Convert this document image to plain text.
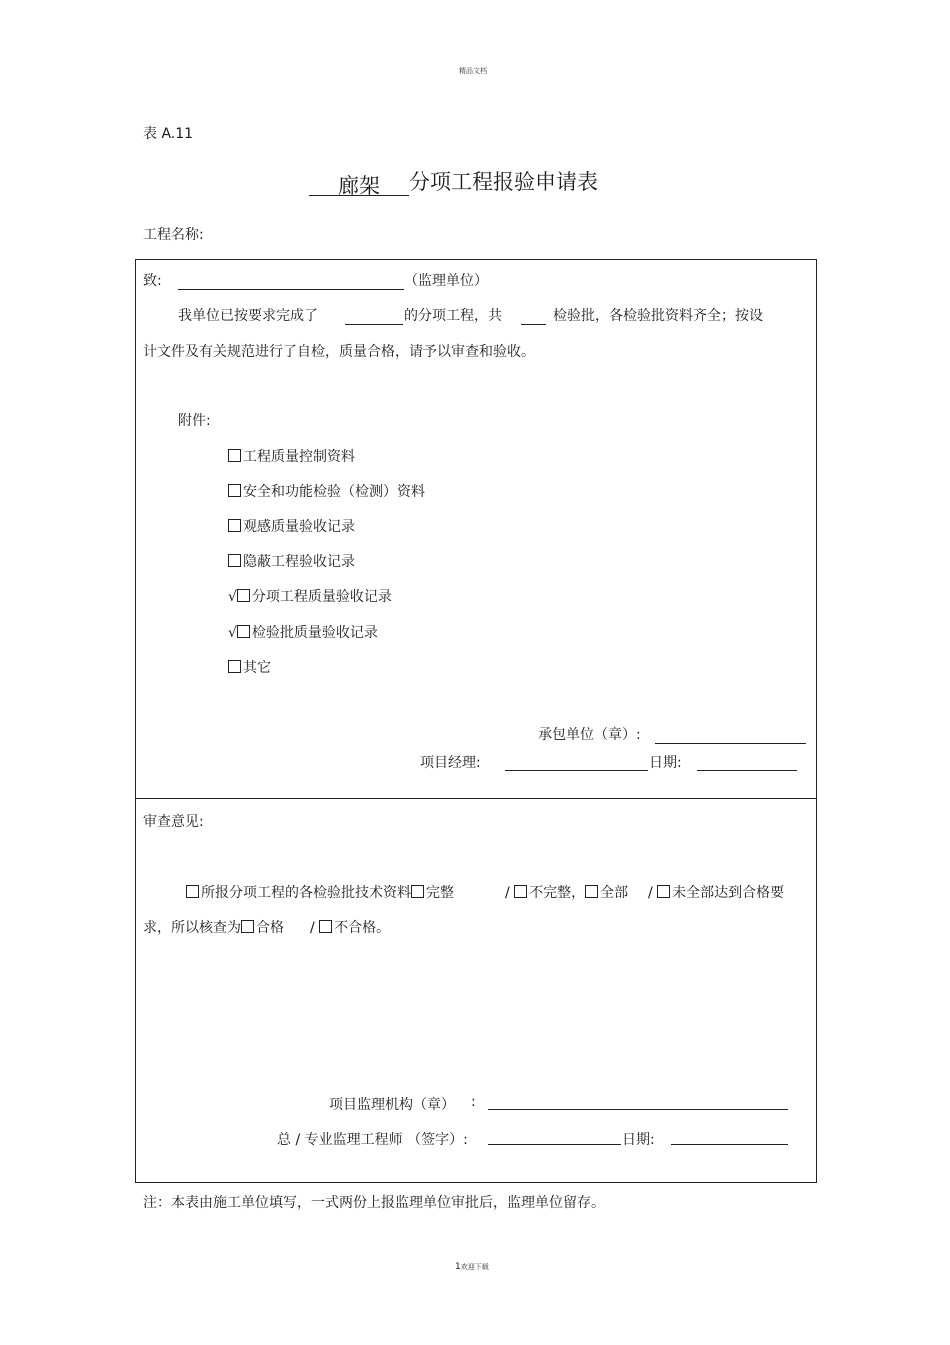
精品文档
表 A.11
廊架 分项工程报验申请表
工程名称:
致:	（监理单位）
我单位已按要求完成了	的分项工程，共	检验批，各检验批资料齐全；按设
计文件及有关规范进行了自检，质量合格，请予以审查和验收。
附件:
工程质量控制资料
安全和功能检验（检测）资料
观感质量验收记录
隐蔽工程验收记录
√ 分项工程质量验收记录
√ 检验批质量验收记录
其它
承包单位（章）:
项目经理:	日期:
审查意见:
所报分项工程的各检验批技术资料 完整	/ 不完整， 全部 / 未全部达到合格要
求，所以核查为 合格 / 不合格。
项目监理机构（章） :
总 / 专业监理工程师 （签字）:	日期:
注：本表由施工单位填写，一式两份上报监理单位审批后，监理单位留存。
1欢迎下载
